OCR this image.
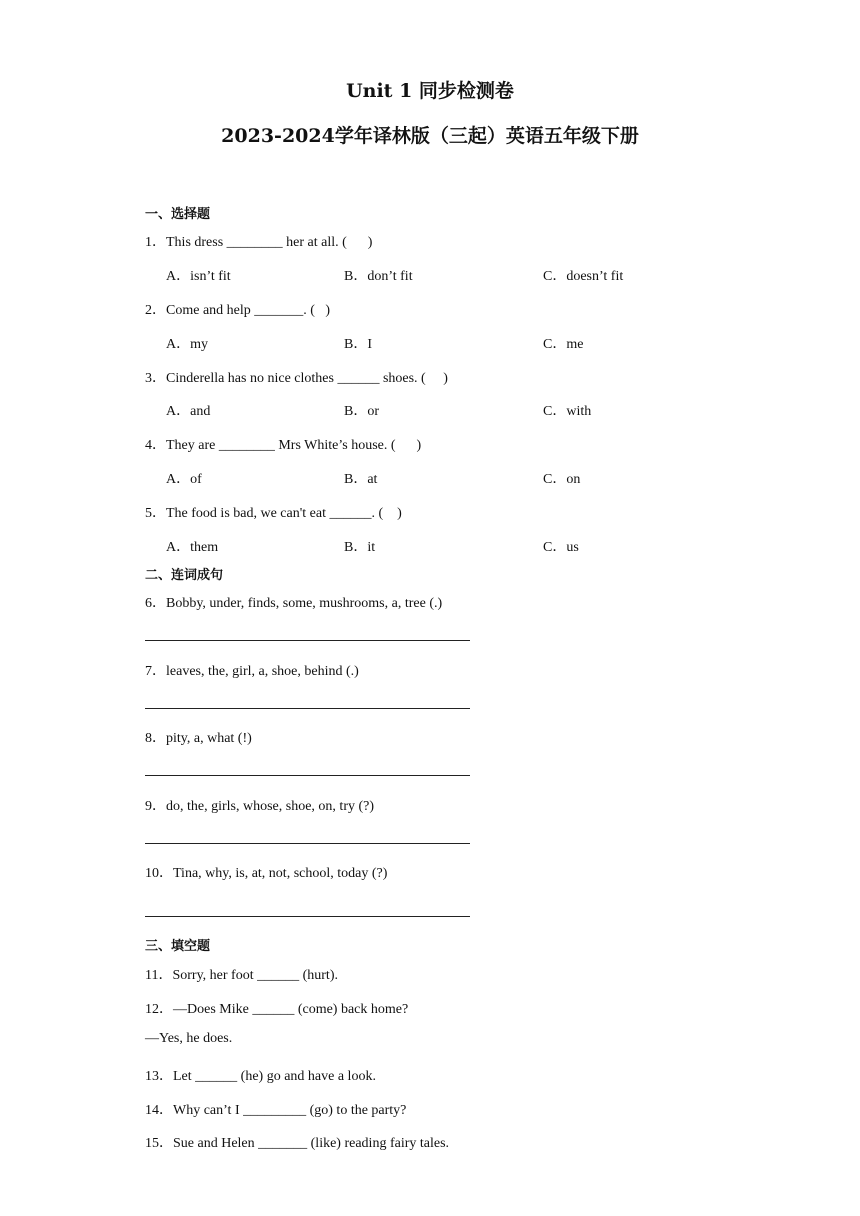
Unit 1 同步检测卷
2023-2024学年译林版（三起）英语五年级下册
一、选择题
1．This dress ________ her at all. (      )
A．isn’t fit	B．don’t fit	C．doesn’t fit
2．Come and help _______. (   )
A．my	B．I	C．me
3．Cinderella has no nice clothes ______ shoes. (     )
A．and	B．or	C．with
4．They are ________ Mrs White’s house. (      )
A．of	B．at	C．on
5．The food is bad, we can't eat ______. (    )
A．them	B．it	C．us
二、连词成句
6．Bobby, under, finds, some, mushrooms, a, tree (.)
7．leaves, the, girl, a, shoe, behind (.)
8．pity, a, what (!)
9．do, the, girls, whose, shoe, on, try (?)
10．Tina, why, is, at, not, school, today (?)
三、填空题
11．Sorry, her foot ______ (hurt).
12．—Does Mike ______ (come) back home?
—Yes, he does.
13．Let ______ (he) go and have a look.
14．Why can’t I _________ (go) to the party?
15．Sue and Helen _______ (like) reading fairy tales.
